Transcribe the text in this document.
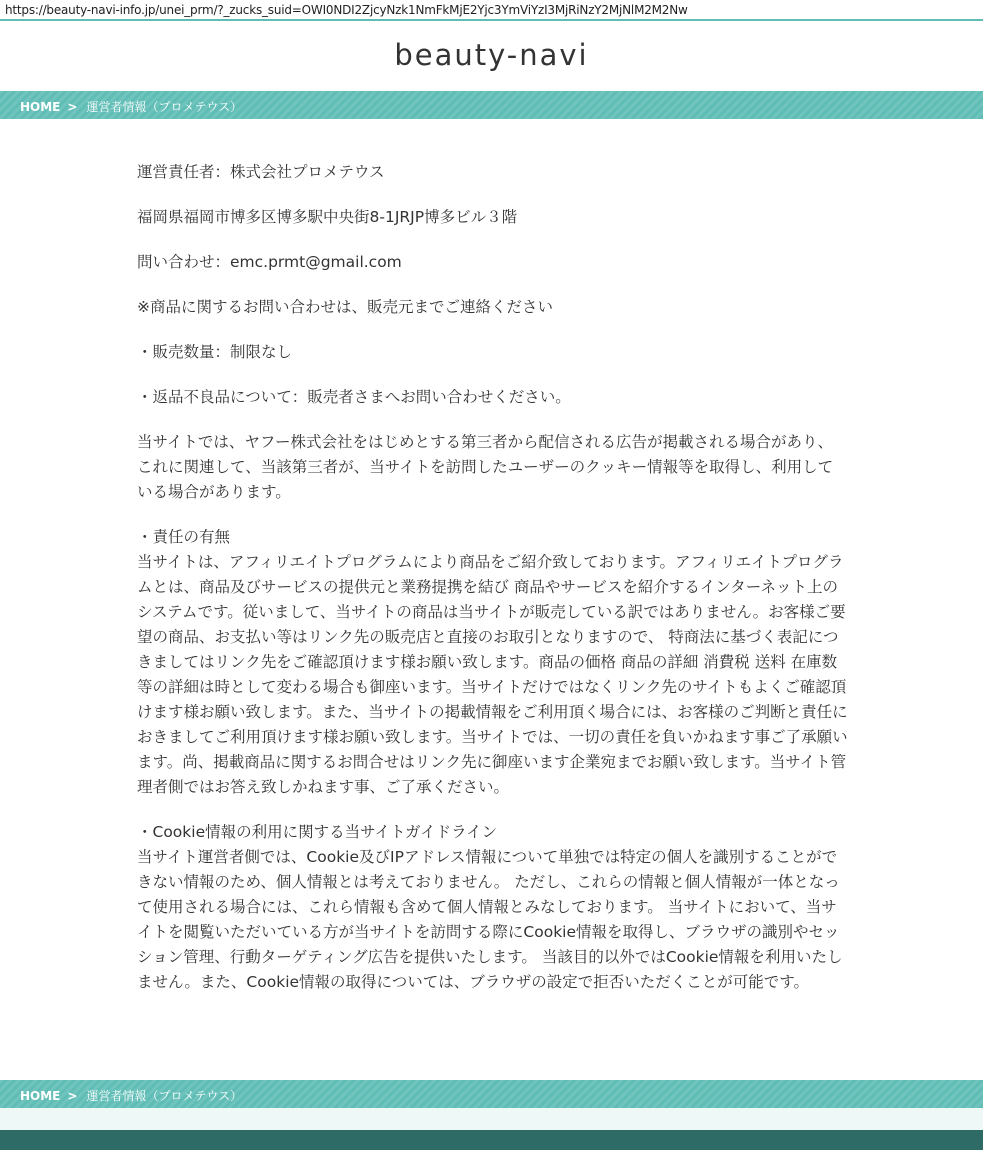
https://beauty-navi-info.jp/unei_prm/?_zucks_suid=OWI0NDI2ZjcyNzk1NmFkMjE2Yjc3YmViYzI3MjRiNzY2MjNlM2M2Nw
beauty-navi
HOME > 運営者情報（プロメテウス）

運営責任者：株式会社プロメテウス

福岡県福岡市博多区博多駅中央街8-1JRJP博多ビル３階

問い合わせ：emc.prmt@gmail.com

※商品に関するお問い合わせは、販売元までご連絡ください

・販売数量：制限なし

・返品不良品について：販売者さまへお問い合わせください。

当サイトでは、ヤフー株式会社をはじめとする第三者から配信される広告が掲載される場合があり、これに関連して、当該第三者が、当サイトを訪問したユーザーのクッキー情報等を取得し、利用している場合があります。

・責任の有無
当サイトは、アフィリエイトプログラムにより商品をご紹介致しております。アフィリエイトプログラムとは、商品及びサービスの提供元と業務提携を結び 商品やサービスを紹介するインターネット上のシステムです。従いまして、当サイトの商品は当サイトが販売している訳ではありません。お客様ご要望の商品、お支払い等はリンク先の販売店と直接のお取引となりますので、 特商法に基づく表記につきましてはリンク先をご確認頂けます様お願い致します。商品の価格 商品の詳細 消費税 送料 在庫数等の詳細は時として変わる場合も御座います。当サイトだけではなくリンク先のサイトもよくご確認頂けます様お願い致します。また、当サイトの掲載情報をご利用頂く場合には、お客様のご判断と責任におきましてご利用頂けます様お願い致します。当サイトでは、一切の責任を負いかねます事ご了承願います。尚、掲載商品に関するお問合せはリンク先に御座います企業宛までお願い致します。当サイト管理者側ではお答え致しかねます事、ご了承ください。

・Cookie情報の利用に関する当サイトガイドライン
当サイト運営者側では、Cookie及びIPアドレス情報について単独では特定の個人を識別することができない情報のため、個人情報とは考えておりません。 ただし、これらの情報と個人情報が一体となって使用される場合には、これら情報も含めて個人情報とみなしております。 当サイトにおいて、当サイトを閲覧いただいている方が当サイトを訪問する際にCookie情報を取得し、ブラウザの識別やセッション管理、行動ターゲティング広告を提供いたします。 当該目的以外ではCookie情報を利用いたしません。また、Cookie情報の取得については、ブラウザの設定で拒否いただくことが可能です。

HOME > 運営者情報（プロメテウス）
